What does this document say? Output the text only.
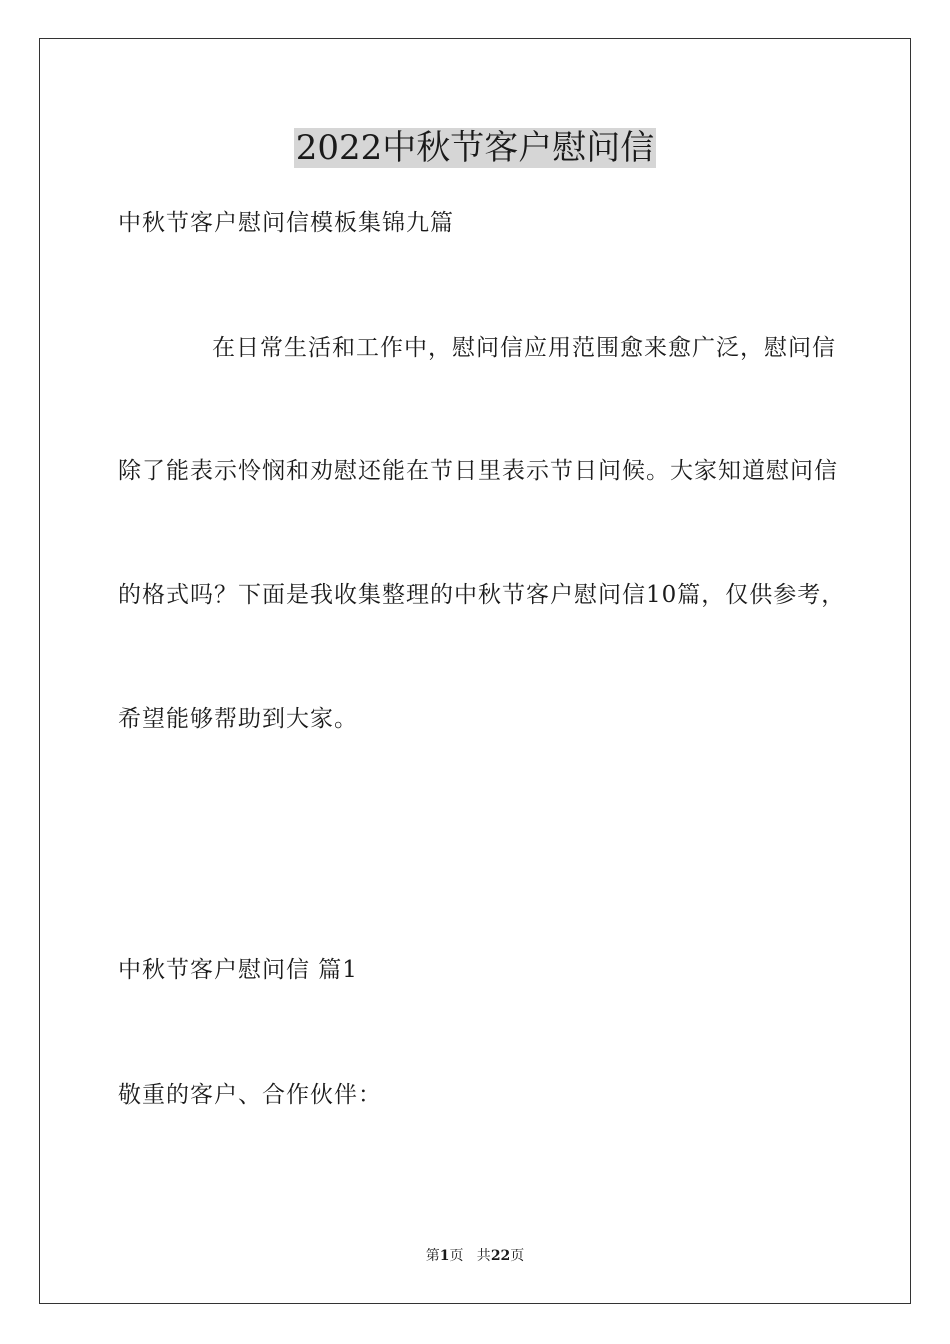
2022中秋节客户慰问信
中秋节客户慰问信模板集锦九篇
在日常生活和工作中，慰问信应用范围愈来愈广泛，慰问信
除了能表示怜悯和劝慰还能在节日里表示节日问候。大家知道慰问信
的格式吗？下面是我收集整理的中秋节客户慰问信10篇，仅供参考，
希望能够帮助到大家。
中秋节客户慰问信 篇1
敬重的客户、合作伙伴：
第1页   共22页
